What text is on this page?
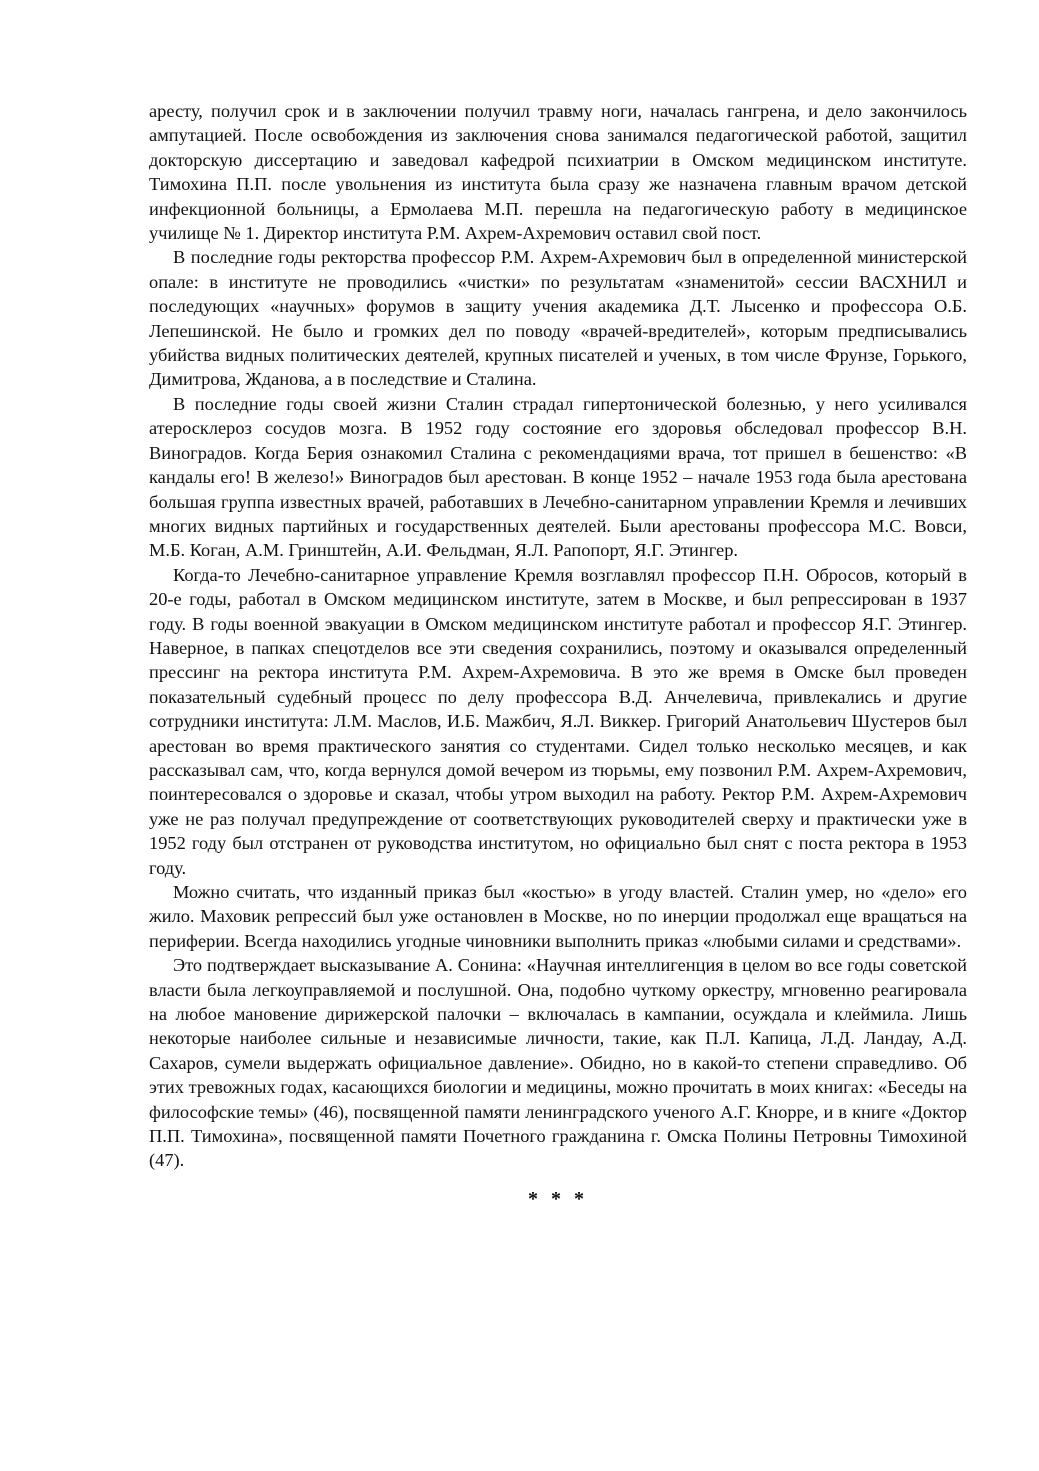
аресту, получил срок и в заключении получил травму ноги, началась гангрена, и дело закончилось ампутацией. После освобождения из заключения снова занимался педагогической работой, защитил докторскую диссертацию и заведовал кафедрой психиатрии в Омском медицинском институте. Тимохина П.П. после увольнения из института была сразу же назначена главным врачом детской инфекционной больницы, а Ермолаева М.П. перешла на педагогическую работу в медицинское училище № 1. Директор института Р.М. Ахрем-Ахремович оставил свой пост.

В последние годы ректорства профессор Р.М. Ахрем-Ахремович был в определенной министерской опале: в институте не проводились «чистки» по результатам «знаменитой» сессии ВАСХНИЛ и последующих «научных» форумов в защиту учения академика Д.Т. Лысенко и профессора О.Б. Лепешинской. Не было и громких дел по поводу «врачей-вредителей», которым предписывались убийства видных политических деятелей, крупных писателей и ученых, в том числе Фрунзе, Горького, Димитрова, Жданова, а в последствие и Сталина.

В последние годы своей жизни Сталин страдал гипертонической болезнью, у него усиливался атеросклероз сосудов мозга. В 1952 году состояние его здоровья обследовал профессор В.Н. Виноградов. Когда Берия ознакомил Сталина с рекомендациями врача, тот пришел в бешенство: «В кандалы его! В железо!» Виноградов был арестован. В конце 1952 – начале 1953 года была арестована большая группа известных врачей, работавших в Лечебно-санитарном управлении Кремля и лечивших многих видных партийных и государственных деятелей. Были арестованы профессора М.С. Вовси, М.Б. Коган, А.М. Гринштейн, А.И. Фельдман, Я.Л. Рапопорт, Я.Г. Этингер.

Когда-то Лечебно-санитарное управление Кремля возглавлял профессор П.Н. Обросов, который в 20-е годы, работал в Омском медицинском институте, затем в Москве, и был репрессирован в 1937 году. В годы военной эвакуации в Омском медицинском институте работал и профессор Я.Г. Этингер. Наверное, в папках спецотделов все эти сведения сохранились, поэтому и оказывался определенный прессинг на ректора института Р.М. Ахрем-Ахремовича. В это же время в Омске был проведен показательный судебный процесс по делу профессора В.Д. Анчелевича, привлекались и другие сотрудники института: Л.М. Маслов, И.Б. Мажбич, Я.Л. Виккер. Григорий Анатольевич Шустеров был арестован во время практического занятия со студентами. Сидел только несколько месяцев, и как рассказывал сам, что, когда вернулся домой вечером из тюрьмы, ему позвонил Р.М. Ахрем-Ахремович, поинтересовался о здоровье и сказал, чтобы утром выходил на работу. Ректор Р.М. Ахрем-Ахремович уже не раз получал предупреждение от соответствующих руководителей сверху и практически уже в 1952 году был отстранен от руководства институтом, но официально был снят с поста ректора в 1953 году.

Можно считать, что изданный приказ был «костью» в угоду властей. Сталин умер, но «дело» его жило. Маховик репрессий был уже остановлен в Москве, но по инерции продолжал еще вращаться на периферии. Всегда находились угодные чиновники выполнить приказ «любыми силами и средствами».

Это подтверждает высказывание А. Сонина: «Научная интеллигенция в целом во все годы советской власти была легкоуправляемой и послушной. Она, подобно чуткому оркестру, мгновенно реагировала на любое мановение дирижерской палочки – включалась в кампании, осуждала и клеймила. Лишь некоторые наиболее сильные и независимые личности, такие, как П.Л. Капица, Л.Д. Ландау, А.Д. Сахаров, сумели выдержать официальное давление». Обидно, но в какой-то степени справедливо. Об этих тревожных годах, касающихся биологии и медицины, можно прочитать в моих книгах: «Беседы на философские темы» (46), посвященной памяти ленинградского ученого А.Г. Кнорре, и в книге «Доктор П.П. Тимохина», посвященной памяти Почетного гражданина г. Омска Полины Петровны Тимохиной (47).

* * *
